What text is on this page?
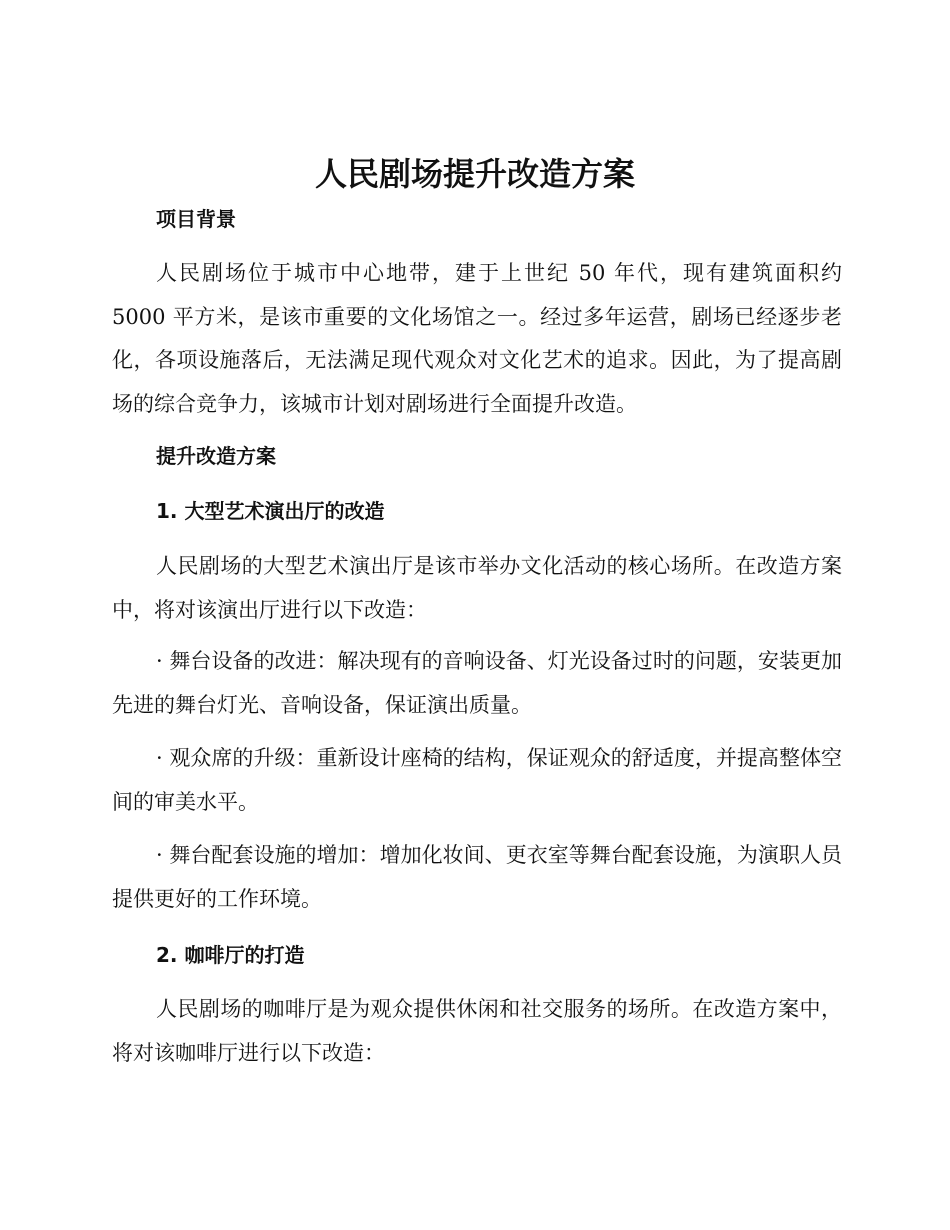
人民剧场提升改造方案
项目背景

人民剧场位于城市中心地带，建于上世纪 50 年代，现有建筑面积约 5000 平方米，是该市重要的文化场馆之一。经过多年运营，剧场已经逐步老化，各项设施落后，无法满足现代观众对文化艺术的追求。因此，为了提高剧场的综合竞争力，该城市计划对剧场进行全面提升改造。

提升改造方案
1. 大型艺术演出厅的改造

人民剧场的大型艺术演出厅是该市举办文化活动的核心场所。在改造方案中，将对该演出厅进行以下改造：

· 舞台设备的改进：解决现有的音响设备、灯光设备过时的问题，安装更加先进的舞台灯光、音响设备，保证演出质量。

· 观众席的升级：重新设计座椅的结构，保证观众的舒适度，并提高整体空间的审美水平。

· 舞台配套设施的增加：增加化妆间、更衣室等舞台配套设施，为演职人员提供更好的工作环境。

2. 咖啡厅的打造

人民剧场的咖啡厅是为观众提供休闲和社交服务的场所。在改造方案中，将对该咖啡厅进行以下改造：
